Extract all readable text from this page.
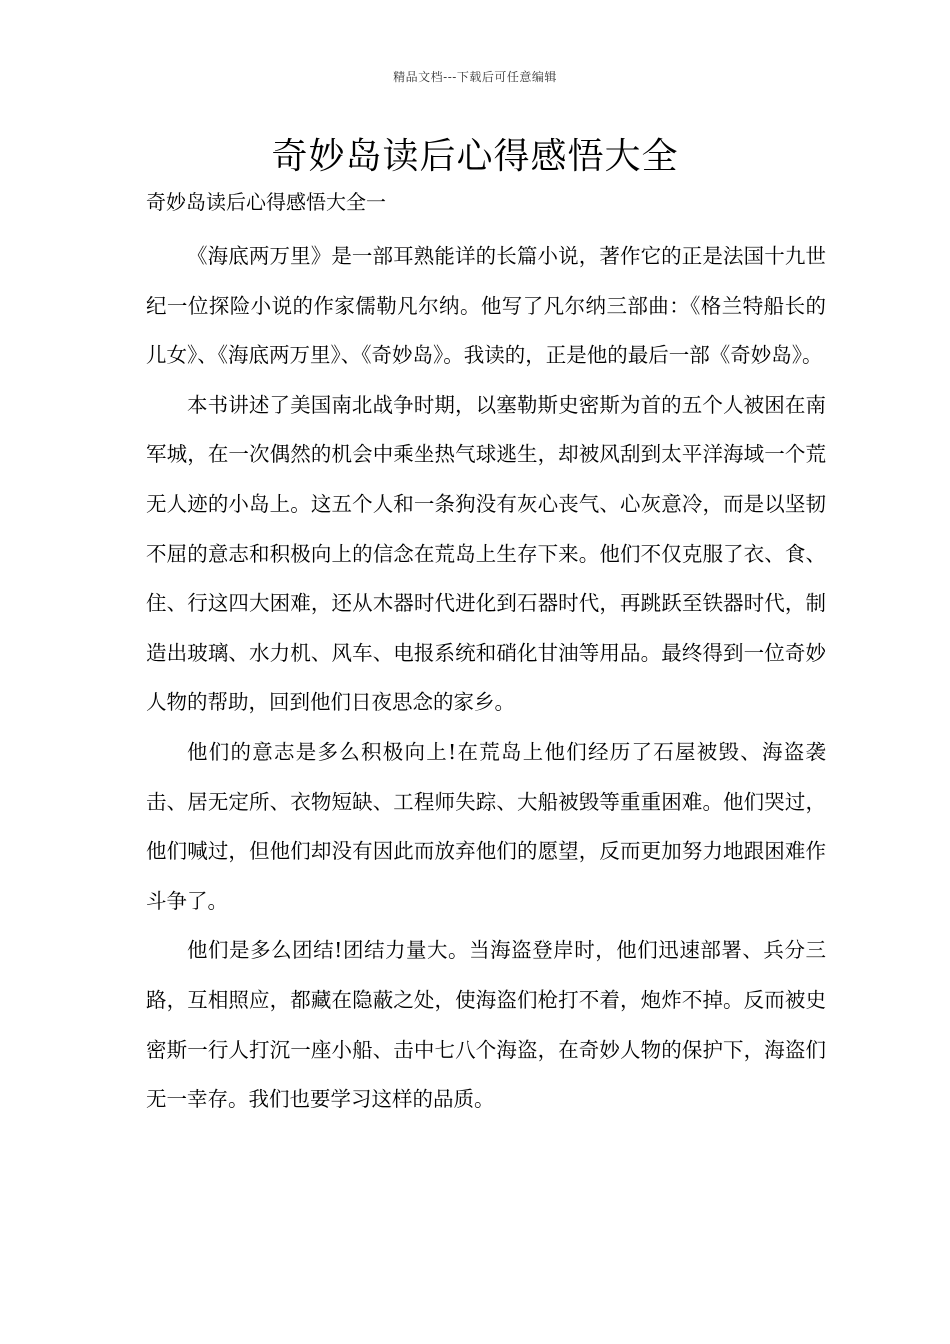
精品文档---下载后可任意编辑
奇妙岛读后心得感悟大全
奇妙岛读后心得感悟大全一

《海底两万里》是一部耳熟能详的长篇小说，著作它的正是法国十九世纪一位探险小说的作家儒勒凡尔纳。他写了凡尔纳三部曲：《格兰特船长的儿女》、《海底两万里》、《奇妙岛》。我读的，正是他的最后一部《奇妙岛》。

本书讲述了美国南北战争时期，以塞勒斯史密斯为首的五个人被困在南军城，在一次偶然的机会中乘坐热气球逃生，却被风刮到太平洋海域一个荒无人迹的小岛上。这五个人和一条狗没有灰心丧气、心灰意冷，而是以坚韧不屈的意志和积极向上的信念在荒岛上生存下来。他们不仅克服了衣、食、住、行这四大困难，还从木器时代进化到石器时代，再跳跃至铁器时代，制造出玻璃、水力机、风车、电报系统和硝化甘油等用品。最终得到一位奇妙人物的帮助，回到他们日夜思念的家乡。

他们的意志是多么积极向上!在荒岛上他们经历了石屋被毁、海盗袭击、居无定所、衣物短缺、工程师失踪、大船被毁等重重困难。他们哭过，他们喊过，但他们却没有因此而放弃他们的愿望，反而更加努力地跟困难作斗争了。

他们是多么团结!团结力量大。当海盗登岸时，他们迅速部署、兵分三路，互相照应，都藏在隐蔽之处，使海盗们枪打不着，炮炸不掉。反而被史密斯一行人打沉一座小船、击中七八个海盗，在奇妙人物的保护下，海盗们无一幸存。我们也要学习这样的品质。
